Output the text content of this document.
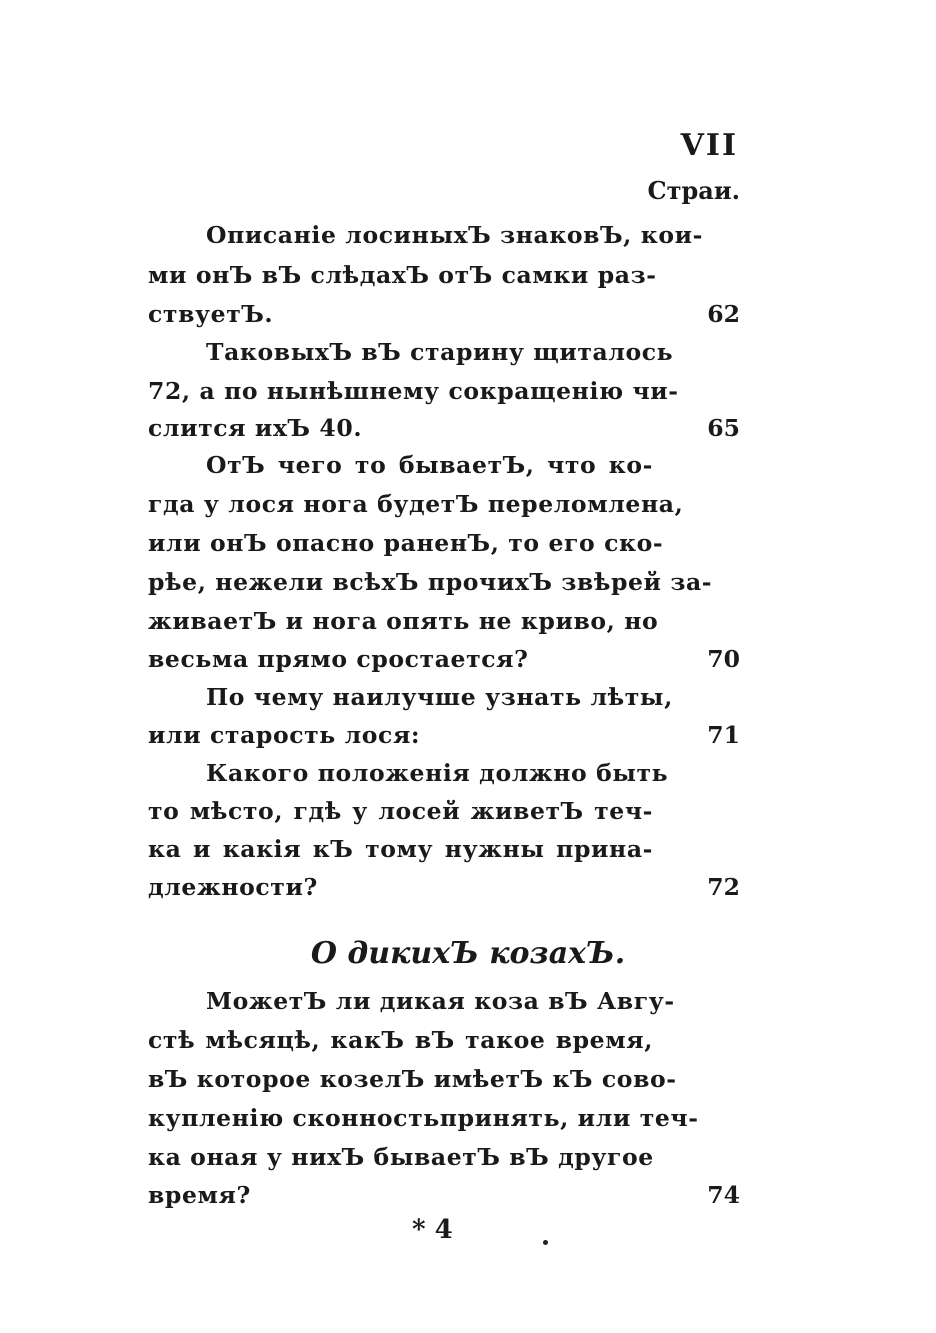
VII
Страи.
Описаніе лосиныхЪ знаковЪ, кои-
ми онЪ вЪ слѣдахЪ отЪ самки раз-
ствуетЪ.	62
ТаковыхЪ вЪ старину щиталось
72, а по нынѣшнему сокращенію чи-
слится ихЪ 40.	65
ОтЪ чего то бываетЪ, что ко-
гда у лося нога будетЪ переломлена,
или онЪ опасно раненЪ, то его ско-
рѣе, нежели всѣхЪ прочихЪ звѣрей за-
живаетЪ и нога опять не криво, но
весьма прямо сростается?	70
По чему наилучше узнать лѣты,
или старость лося:	71
Какого положенія должно быть
то мѣсто, гдѣ у лосей живетЪ теч-
ка и какія кЪ тому нужны прина-
длежности?	72
О дикихЪ козахЪ.
МожетЪ ли дикая коза вЪ Авгу-
стѣ мѣсяцѣ, какЪ вЪ такое время,
вЪ которое козелЪ имѣетЪ кЪ сово-
купленію сконностьпринять, или теч-
ка оная у нихЪ бываетЪ вЪ другое
время?	74
* 4
